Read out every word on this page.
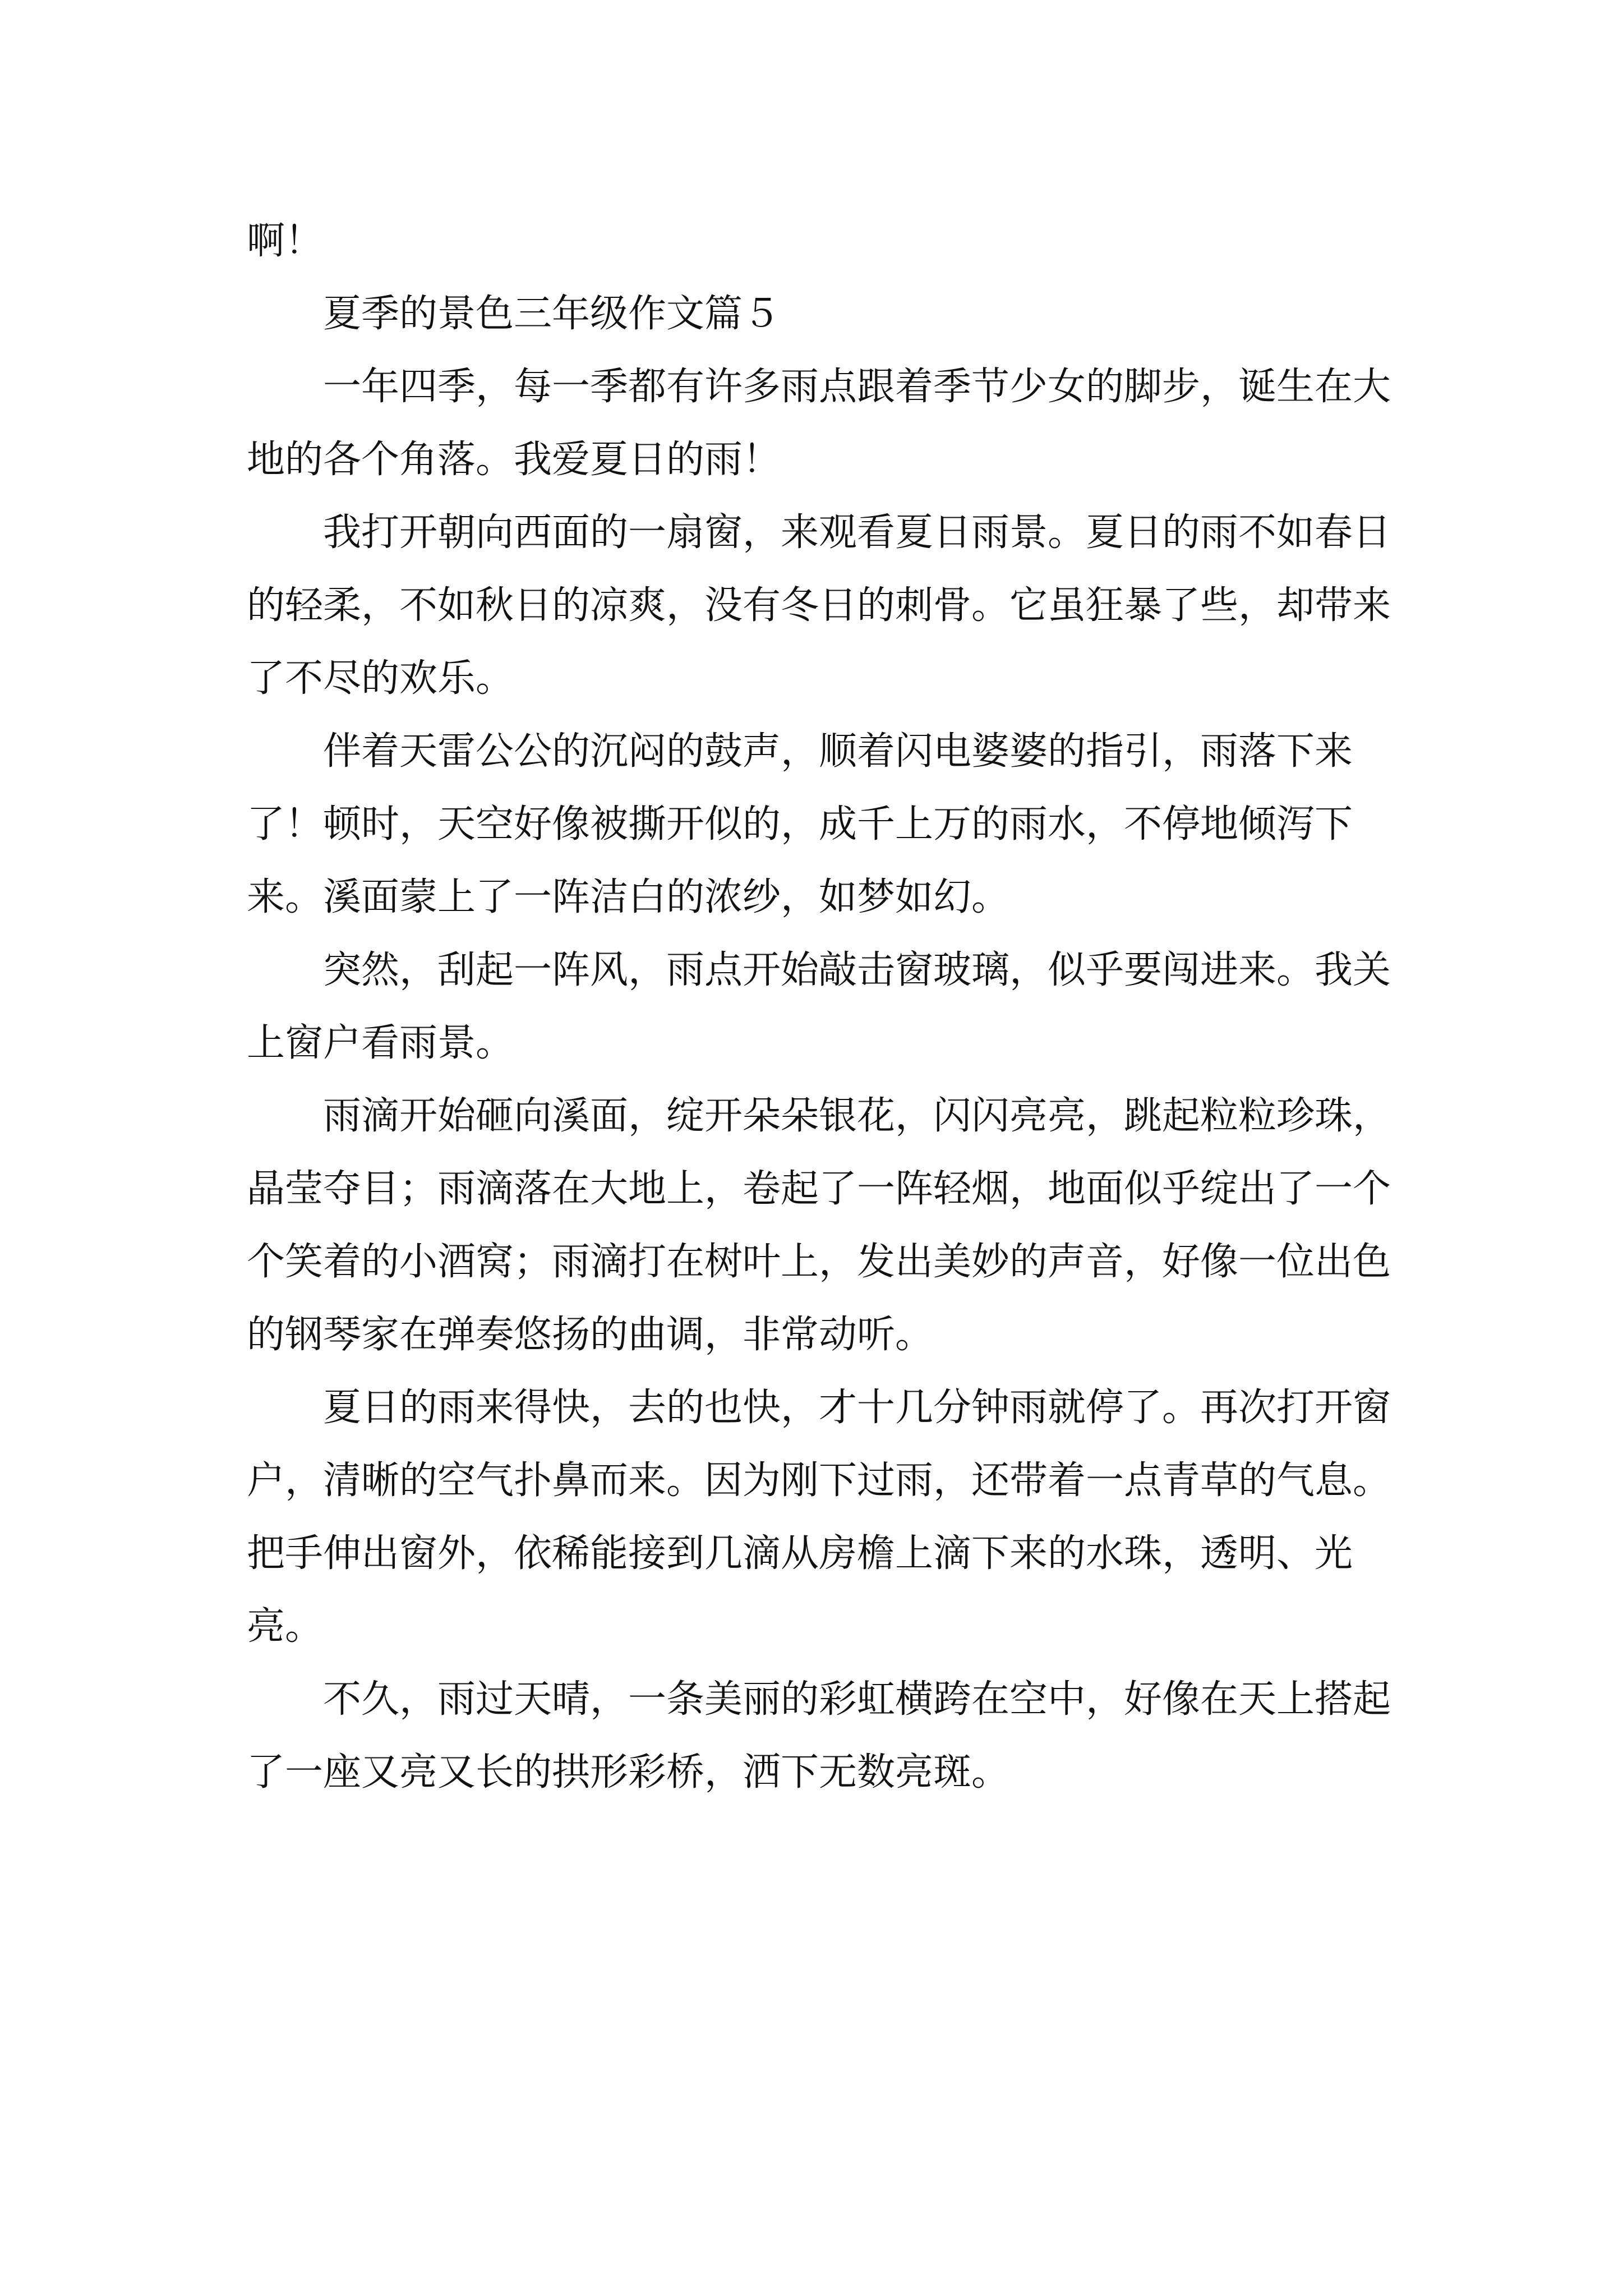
啊！

夏季的景色三年级作文篇５

一年四季，每一季都有许多雨点跟着季节少女的脚步，诞生在大地的各个角落。我爱夏日的雨！

我打开朝向西面的一扇窗，来观看夏日雨景。夏日的雨不如春日的轻柔，不如秋日的凉爽，没有冬日的刺骨。它虽狂暴了些，却带来了不尽的欢乐。

伴着天雷公公的沉闷的鼓声，顺着闪电婆婆的指引，雨落下来了！顿时，天空好像被撕开似的，成千上万的雨水，不停地倾泻下来。溪面蒙上了一阵洁白的浓纱，如梦如幻。

突然，刮起一阵风，雨点开始敲击窗玻璃，似乎要闯进来。我关上窗户看雨景。

雨滴开始砸向溪面，绽开朵朵银花，闪闪亮亮，跳起粒粒珍珠，晶莹夺目；雨滴落在大地上，卷起了一阵轻烟，地面似乎绽出了一个个笑着的小酒窝；雨滴打在树叶上，发出美妙的声音，好像一位出色的钢琴家在弹奏悠扬的曲调，非常动听。

夏日的雨来得快，去的也快，才十几分钟雨就停了。再次打开窗户，清晰的空气扑鼻而来。因为刚下过雨，还带着一点青草的气息。把手伸出窗外，依稀能接到几滴从房檐上滴下来的水珠，透明、光亮。

不久，雨过天晴，一条美丽的彩虹横跨在空中，好像在天上搭起了一座又亮又长的拱形彩桥，洒下无数亮斑。
